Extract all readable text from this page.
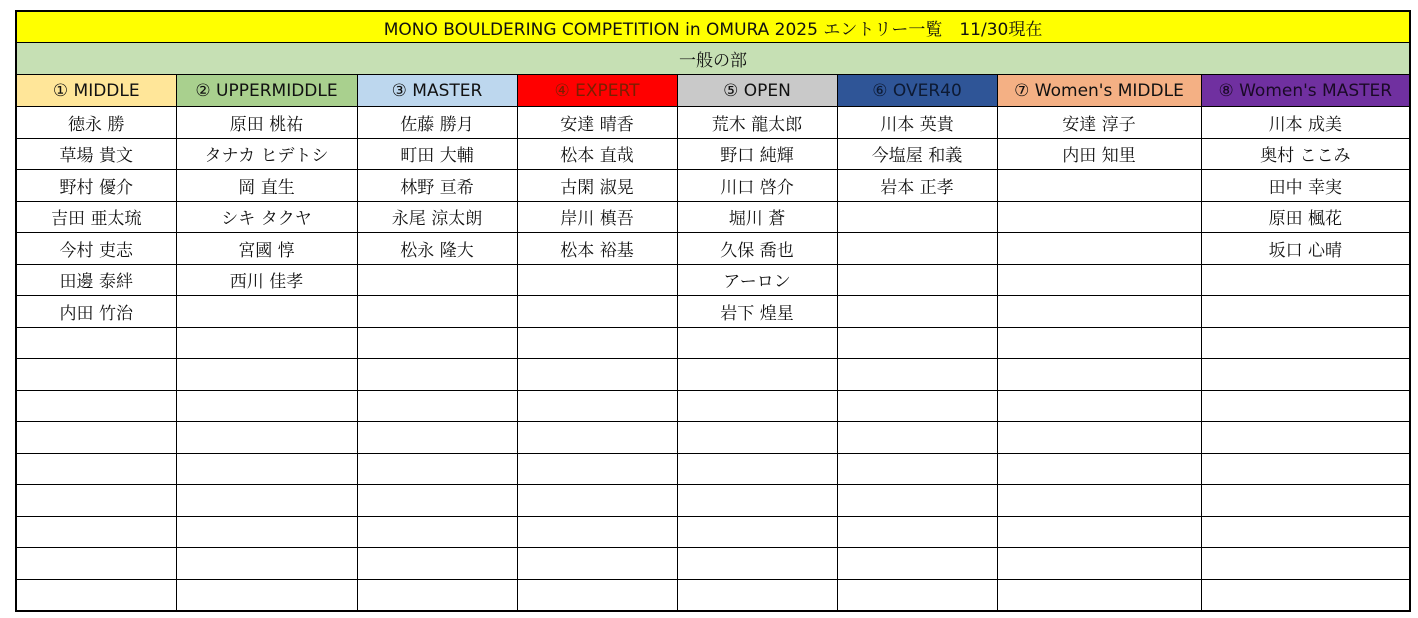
MONO BOULDERING COMPETITION in OMURA 2025 エントリー一覧　11/30現在							
一般の部							
① MIDDLE	② UPPERMIDDLE	③ MASTER	④ EXPERT	⑤ OPEN	⑥ OVER40	⑦ Women's MIDDLE	⑧ Women's MASTER
徳永 勝	原田 桃祐	佐藤 勝月	安達 晴香	荒木 龍太郎	川本 英貴	安達 淳子	川本 成美
草場 貴文	タナカ ヒデトシ	町田 大輔	松本 直哉	野口 純輝	今塩屋 和義	内田 知里	奥村 ここみ
野村 優介	岡 直生	林野 亘希	古閑 淑晃	川口 啓介	岩本 正孝		田中 幸実
吉田 亜太琉	シキ タクヤ	永尾 涼太朗	岸川 槙吾	堀川 蒼			原田 楓花
今村 吏志	宮國 惇	松永 隆大	松本 裕基	久保 喬也			坂口 心晴
田邊 泰絆	西川 佳孝			アーロン			
内田 竹治				岩下 煌星			
